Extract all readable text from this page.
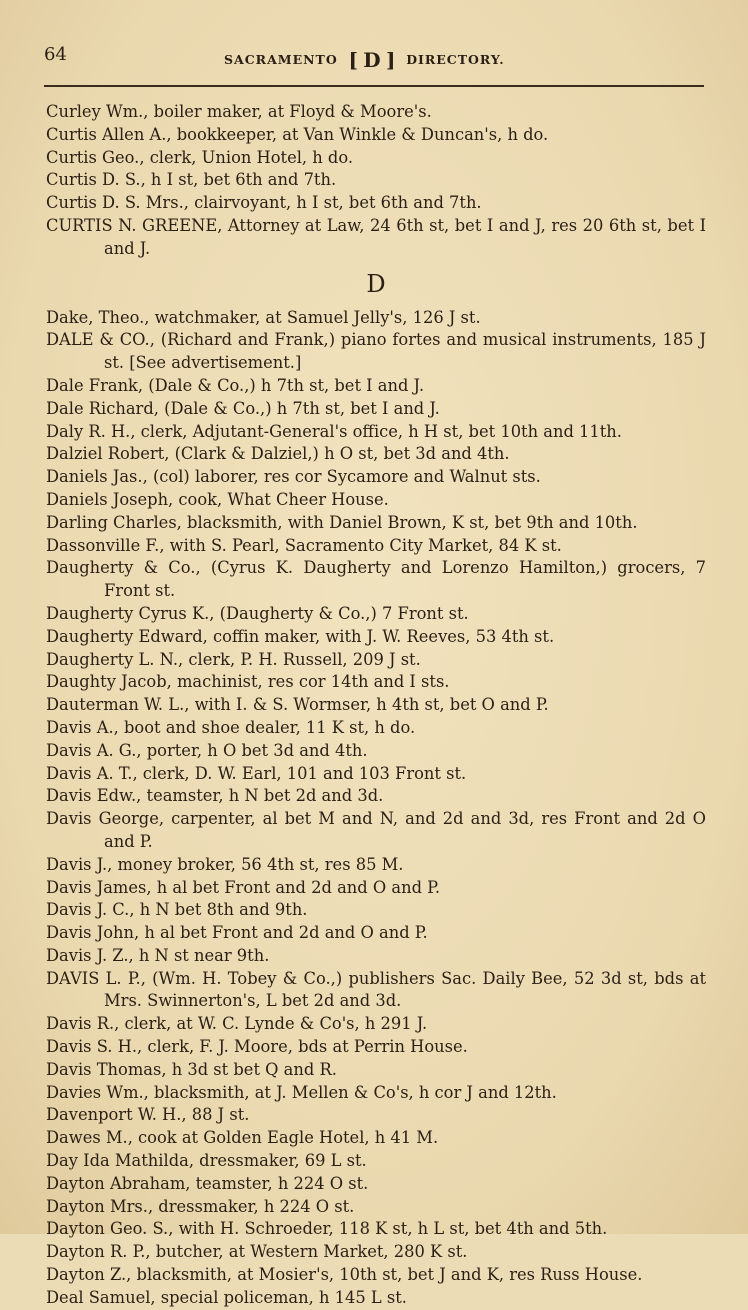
64	SACRAMENTO [ D ] DIRECTORY.
Curley Wm., boiler maker, at Floyd & Moore's.
Curtis Allen A., bookkeeper, at Van Winkle & Duncan's, h do.
Curtis Geo., clerk, Union Hotel, h do.
Curtis D. S., h I st, bet 6th and 7th.
Curtis D. S. Mrs., clairvoyant, h I st, bet 6th and 7th.
CURTIS N. GREENE, Attorney at Law, 24 6th st, bet I and J, res 20 6th st, bet I and J.
D
Dake, Theo., watchmaker, at Samuel Jelly's, 126 J st.
DALE & CO., (Richard and Frank,) piano fortes and musical instruments, 185 J st. [See advertisement.]
Dale Frank, (Dale & Co.,) h 7th st, bet I and J.
Dale Richard, (Dale & Co.,) h 7th st, bet I and J.
Daly R. H., clerk, Adjutant-General's office, h H st, bet 10th and 11th.
Dalziel Robert, (Clark & Dalziel,) h O st, bet 3d and 4th.
Daniels Jas., (col) laborer, res cor Sycamore and Walnut sts.
Daniels Joseph, cook, What Cheer House.
Darling Charles, blacksmith, with Daniel Brown, K st, bet 9th and 10th.
Dassonville F., with S. Pearl, Sacramento City Market, 84 K st.
Daugherty & Co., (Cyrus K. Daugherty and Lorenzo Hamilton,) grocers, 7 Front st.
Daugherty Cyrus K., (Daugherty & Co.,) 7 Front st.
Daugherty Edward, coffin maker, with J. W. Reeves, 53 4th st.
Daugherty L. N., clerk, P. H. Russell, 209 J st.
Daughty Jacob, machinist, res cor 14th and I sts.
Dauterman W. L., with I. & S. Wormser, h 4th st, bet O and P.
Davis A., boot and shoe dealer, 11 K st, h do.
Davis A. G., porter, h O bet 3d and 4th.
Davis A. T., clerk, D. W. Earl, 101 and 103 Front st.
Davis Edw., teamster, h N bet 2d and 3d.
Davis George, carpenter, al bet M and N, and 2d and 3d, res Front and 2d O and P.
Davis J., money broker, 56 4th st, res 85 M.
Davis James, h al bet Front and 2d and O and P.
Davis J. C., h N bet 8th and 9th.
Davis John, h al bet Front and 2d and O and P.
Davis J. Z., h N st near 9th.
DAVIS L. P., (Wm. H. Tobey & Co.,) publishers Sac. Daily Bee, 52 3d st, bds at Mrs. Swinnerton's, L bet 2d and 3d.
Davis R., clerk, at W. C. Lynde & Co's, h 291 J.
Davis S. H., clerk, F. J. Moore, bds at Perrin House.
Davis Thomas, h 3d st bet Q and R.
Davies Wm., blacksmith, at J. Mellen & Co's, h cor J and 12th.
Davenport W. H., 88 J st.
Dawes M., cook at Golden Eagle Hotel, h 41 M.
Day Ida Mathilda, dressmaker, 69 L st.
Dayton Abraham, teamster, h 224 O st.
Dayton Mrs., dressmaker, h 224 O st.
Dayton Geo. S., with H. Schroeder, 118 K st, h L st, bet 4th and 5th.
Dayton R. P., butcher, at Western Market, 280 K st.
Dayton Z., blacksmith, at Mosier's, 10th st, bet J and K, res Russ House.
Deal Samuel, special policeman, h 145 L st.
